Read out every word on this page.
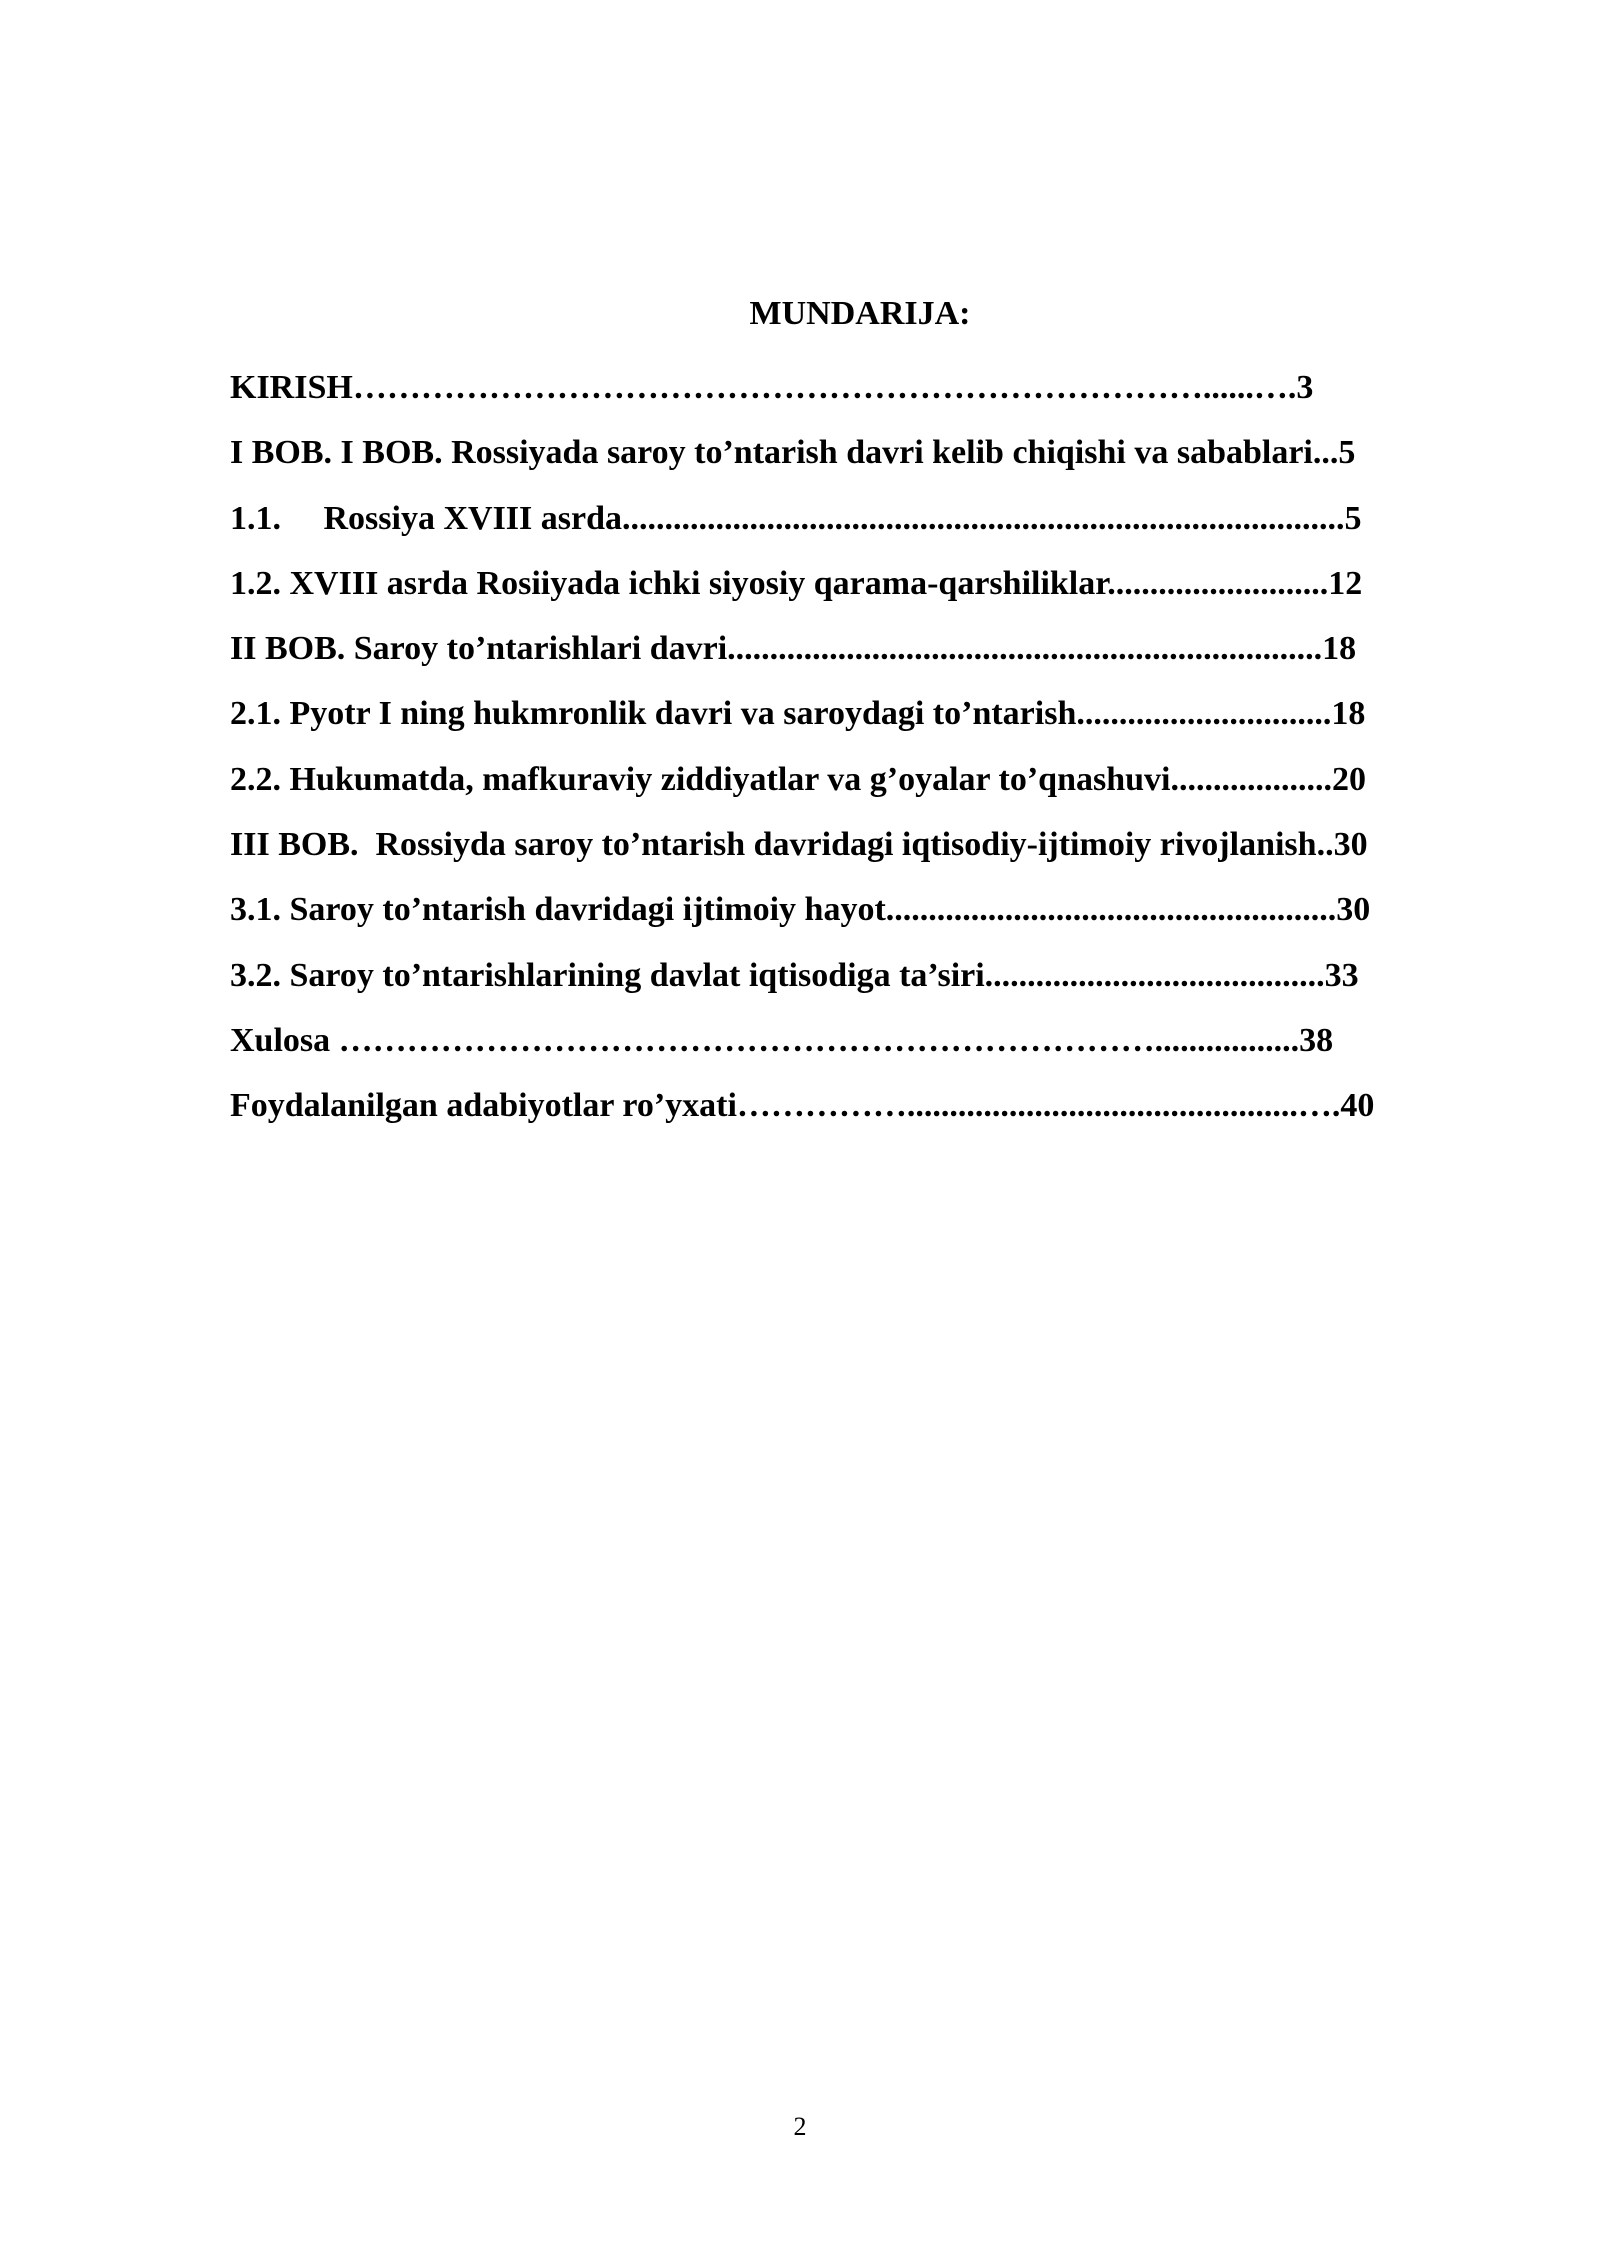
MUNDARIJA:
KIRISH…………………………………………………………………......….3
I BOB. I BOB. Rossiyada saroy to’ntarish davri kelib chiqishi va sabablari...5
1.1.     Rossiya XVIII asrda.....................................................................................5
1.2. XVIII asrda Rosiiyada ichki siyosiy qarama-qarshiliklar..........................12
II BOB. Saroy to’ntarishlari davri......................................................................18
2.1. Pyotr I ning hukmronlik davri va saroydagi to’ntarish..............................18
2.2. Hukumatda, mafkuraviy ziddiyatlar va g’oyalar to’qnashuvi...................20
III BOB.  Rossiyda saroy to’ntarish davridagi iqtisodiy-ijtimoiy rivojlanish..30
3.1. Saroy to’ntarish davridagi ijtimoiy hayot.....................................................30
3.2. Saroy to’ntarishlarining davlat iqtisodiga ta’siri........................................33
Xulosa ……………………………………………………………….................38
Foydalanilgan adabiyotlar ro’yxati……………..............................................….40
2
